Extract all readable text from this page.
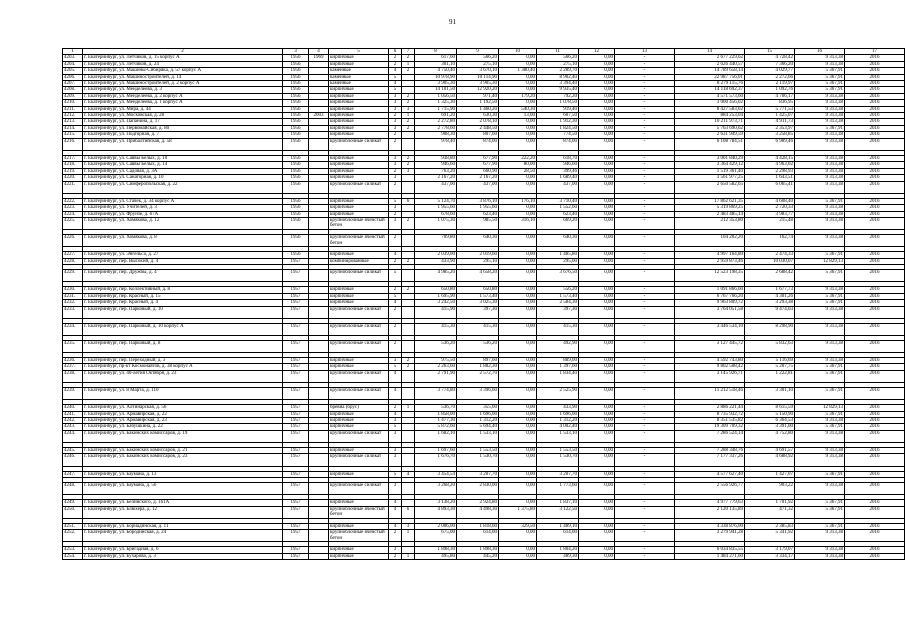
91
1	2	3	4	5	6	7	8	9	10	11	12	13	14	15	16	17
4203.	г. Екатеринбург, ул. Летчиков, д. 15 корпус А	1956	1969	кирпичные	2	2	617,60	566,20	0,00	566,20	0,00	-	2 677 229,62	4 728,42	9 313,38	2016
4204.	г. Екатеринбург, ул. Летчиков, д. 24	1956		кирпичные	2	1	301,10	275,10	0,00	275,10	0,00	-	2 026 440,57	7 366,20	9 313,38	2016
4205.	г. Екатеринбург, ул. Машины-Сибиряка, д. 57 корпус А	1956		каменные	4	2	4 750,40	3 670,10	1 380,40	2 289,70	0,00	-	14 789 658,14	4 029,77	5 367,91	2016
4206.	г. Екатеринбург, ул. Машиностроителей, д. 14	1956		каменные	5		10 978,90	10 114,90	0,00	8 902,40	0,00	-	22 987 756,01	2 272,66	5 367,91	2016
4207.	г. Екатеринбург, ул. Машиностроителей, д. 2 корпус А	1956		каменные	4		3 905,30	3 905,30	0,00	3 394,40	0,00	-	8 279 115,76	2 119,97	5 367,91	2016
4208.	г. Екатеринбург, ул. Менделеева, д. 3	1956		кирпичные	5		14 101,50	12 920,20	0,00	9 935,40	0,00	-	14 118 692,37	1 092,76	5 367,91	2016
4209.	г. Екатеринбург, ул. Менделеева, д. 2 корпус А	1956		кирпичные	3	2	1 056,50	971,40	179,20	792,20	0,00	-	4 571 573,60	4 706,17	9 313,38	2016
4210.	г. Екатеринбург, ул. Менделеева, д. 1 корпус А	1956		кирпичные	3	2	1 325,30	1 192,50	0,00	1 078,50	0,00	-	3 000 456,02	836,95	9 313,38	2016
4211.	г. Екатеринбург, ул. Мира, д. 44	1956		кирпичные	3	3	1 715,90	1 460,20	540,30	919,40	0,00	-	8 427 583,02	5 771,53	9 313,38	2016
4212.	г. Екатеринбург, ул. Московская, д. 28	1956	2003	кирпичные	2	1	691,20	630,30	13,00	607,50	0,00	-	884 253,04	1 425,07	9 313,38	2016
4213.	г. Екатеринбург, ул. Папанина, д. 17	1956		кирпичные	3	2	2 272,80	2 078,10	0,00	1 912,30	0,00	-	10 211 973,71	4 911,73	9 313,38	2016
4214.	г. Екатеринбург, ул. Первомайская, д. 80	1956		кирпичные	3	2	2 778,60	2 448,50	0,00	1 824,50	0,00	-	5 763 690,62	2 353,97	5 367,91	2016
4215.	г. Екатеринбург, ул. Подгорная, д. 7	1956		кирпичные	2		908,30	807,60	0,00	774,50	0,00	-	2 631 949,59	3 258,85	9 313,38	2016
4216.	г. Екатеринбург, ул. Прибалтийская, д. 58	1956		крупноблочные силикат	2		978,40	874,00	0,00	874,00	0,00	-	6 108 784,51	6 989,46	9 313,38	2016

4217.	г. Екатеринбург, ул. Саввы Белых, д. 10	1956		кирпичные	3	2	938,80	677,90	222,20	618,70	0,00	-	3 001 840,29	4 428,15	9 313,38	2016
4218.	г. Екатеринбург, ул. Саввы Белых, д. 14	1956		кирпичные	3	2	946,60	677,90	80,00	946,60	0,00	-	3 364 429,12	4 963,02	9 313,38	2016
4219.	г. Екатеринбург, ул. Садовая, д. 3А	1956		кирпичные	2	3	763,20	660,90	28,50	399,46	0,00	-	1 519 361,40	2 298,93	9 313,38	2016
4220.	г. Екатеринбург, ул. Санаторная, д. 10	1956		кирпичные	3		2 167,20	2 167,20	0,00	1 689,40	0,00	-	3 561 977,25	1 643,51	9 313,38	2016
4221.	г. Екатеринбург, ул. Симферопольская, д. 22	1956		крупноблочные силикат	2		437,00	437,00	0,00	437,00	0,00	-	2 650 582,65	6 065,41	9 313,38	2016

4222.	г. Екатеринбург, ул. Стачек, д. 34 корпус А	1956		кирпичные	5	6	5 124,70	3 876,10	176,10	3 710,40	0,00	-	17 862 621,35	4 608,40	5 367,91	2016
4223.	г. Екатеринбург, ул. Учителей, д. 3	1956		кирпичные	3		1 955,60	1 955,60	0,00	1 552,60	0,00	-	5 319 869,25	2 720,33	9 313,38	2016
4224.	г. Екатеринбург, ул. Фрунзе, д. 67А	1956		кирпичные	2		678,60	623,40	0,00	623,40	0,00	-	2 483 485,14	3 983,77	9 313,38	2016
4225.	г. Екатеринбург, ул. Хомякова, д. 12	1956		крупноблочные ячеистый бетон	3	2	1 075,30	985,50	316,10	669,20	0,00	-	212 353,80	215,48	9 313,38	2016

4226.	г. Екатеринбург, ул. Хомякова, д. 8	1956		крупноблочные ячеистый бетон	2		709,80	640,30	0,00	640,30	0,00	-	104 202,20	162,74	9 313,38	2016

4227.	г. Екатеринбург, ул. Энгельса, д. 27	1956		кирпичные	4		2 039,00	2 019,60	0,00	1 485,80	0,00	-	4 997 164,80	2 474,33	5 367,91	2016
4228.	г. Екатеринбург, пер. Высокий, д. 4	1957		комбинированные	2	2	433,90	295,10	0,00	295,00	0,00	-	2 959 873,46	10 030,07	12 829,13	2016

4229.	г. Екатеринбург, пер. Дружбы, д. 4	1957		крупноблочные силикат	5		4 985,20	4 658,20	0,00	3 676,50	0,00	-	12 523 198,35	2 688,42	5 367,91	2016

4230.	г. Екатеринбург, пер. Коллективный, д. 8	1957		кирпичные	2	2	650,80	650,80	0,00	556,20	0,00	-	1 091 866,60	1 677,73	9 313,38	2016
4231.	г. Екатеринбург, пер. Красный, д. 15	1957		кирпичные	5		1 695,90	1 573,40	0,00	1 573,40	0,00	-	6 767 766,20	4 301,26	5 367,91	2016
4232.	г. Екатеринбург, пер. Красный, д. 4	1957		кирпичные	4		3 242,50	3 025,30	0,00	2 584,30	0,00	-	9 963 809,72	3 293,38	5 367,91	2016
4233.	г. Екатеринбург, пер. Парковый, д. 10	1957		крупноблочные силикат	2		415,90	397,30	0,00	397,30	0,00	-	3 764 051,58	9 474,03	9 313,38	2016

4234.	г. Екатеринбург, пер. Парковый, д. 10 корпус А	1957		крупноблочные силикат	2		415,30	415,30	0,00	415,30	0,00	-	3 446 534,10	8 298,90	9 313,38	2016

4235.	г. Екатеринбург, пер. Парковый, д. 8	1957		крупноблочные силикат	2		536,20	536,20	0,00	492,90	0,00	-	3 127 445,72	5 832,63	9 313,38	2016

4236.	г. Екатеринбург, пер. Переходный, д. 3	1957		кирпичные	3	2	975,50	897,60	0,00	889,00	0,00	-	4 592 743,80	5 116,69	9 313,38	2016
4237.	г. Екатеринбург, пр-кт Космонавтов, д. 38 корпус А	1957		кирпичные	5	2	2 263,60	1 882,30	0,00	1 397,60	0,00	-	9 802 508,42	5 207,75	5 367,91	2016
4238.	г. Екатеринбург, ул. 40-летия Октября, д. 23	1957		крупноблочные силикат	4		2 791,90	2 572,70	0,00	1 834,40	0,00	-	3 145 926,71	1 222,81	5 367,91	2016

4239.	г. Екатеринбург, ул. 8 Марта, д. 110	1957		крупноблочные силикат	4		3 774,80	3 396,60	0,00	2 525,90	0,00	-	11 212 518,46	3 301,10	5 367,91	2016

4240.	г. Екатеринбург, ул. Алтинарская, д. 56	1957		брёвна (брус)	2	1	536,70	355,00	0,00	433,90	0,00	-	2 886 221,44	8 615,59	12 829,13	2016
4241.	г. Екатеринбург, ул. Армавирская, д. 22	1957		кирпичные	4		1 858,00	1 696,00	0,00	1 696,00	0,00	-	8 735 932,72	5 150,90	5 367,91	2016
4242.	г. Екатеринбург, ул. Армавирская, д. 23	1957		кирпичные	3		1 477,30	1 312,20	0,00	1 312,20	0,00	-	8 351 535,82	6 364,53	9 313,38	2016
4243.	г. Екатеринбург, ул. Бабушкина, д. 22	1957		кирпичные	5		5 872,60	5 694,40	0,00	4 002,40	0,00	-	19 309 709,32	3 391,00	5 367,91	2016
4244.	г. Екатеринбург, ул. Бакинских комиссаров, д. 19	1957		крупноблочные силикат	3		1 682,10	1 533,10	0,00	1 533,10	0,00	-	7 286 524,14	4 752,80	9 313,38	2016

4245.	г. Екатеринбург, ул. Бакинских комиссаров, д. 21	1957		кирпичные	3		1 697,60	1 553,50	0,00	1 553,50	0,00	-	7 288 348,76	4 691,57	9 313,38	2016
4246.	г. Екатеринбург, ул. Бакинских комиссаров, д. 23	1957		крупноблочные силикат	3		1 676,70	1 530,70	0,00	1 530,70	0,00	-	7 177 337,26	4 688,92	9 313,38	2016

4247.	г. Екатеринбург, ул. Баумана, д. 13	1957		кирпичные	5	4	3 454,54	3 207,70	0,00	3 207,70	0,00	-	4 577 627,40	1 427,07	5 367,91	2016

4248.	г. Екатеринбург, ул. Баумана, д. 56	1957		крупноблочные силикат	3		3 268,20	2 830,00	0,00	1 773,60	0,00	-	2 556 926,77	903,22	9 313,38	2016

4249.	г. Екатеринбург, ул. Белинского, д. 161А	1957		кирпичные	4		3 138,20	2 924,80	0,00	1 837,10	0,00	-	4 977 779,63	1 701,92	5 367,91	2016
4250.	г. Екатеринбург, ул. Блюхера, д. 12	1957		крупноблочные ячеистый бетон	4	6	4 893,30	4 498,30	1 375,80	3 122,50	0,00	-	2 120 135,89	471,32	5 367,91	2016

4251.	г. Екатеринбург, ул. Бориадинская, д. 11	1957		кирпичные	4	3	2 006,00	1 818,60	329,50	1 489,10	0,00	-	4 338 876,00	2 385,83	5 367,91	2016
4252.	г. Екатеринбург, ул. Бородинская, д. 24	1957		крупноблочные ячеистый бетон	2	1	675,00	614,00	0,00	614,00	0,00	-	3 279 941,28	5 341,92	9 313,38	2016

4253.	г. Екатеринбург, ул. Бригадная, д. 6	1957		кирпичные	3		1 898,30	1 898,30	0,00	1 804,20	0,00	-	6 034 835,55	3 179,07	9 313,38	2016
4254.	г. Екатеринбург, ул. Бухарова, д. 3	1957		кирпичные	2	1	495,80	445,20	0,00	489,30	0,00	-	1 484 271,60	3 334,17	9 313,38	2016
